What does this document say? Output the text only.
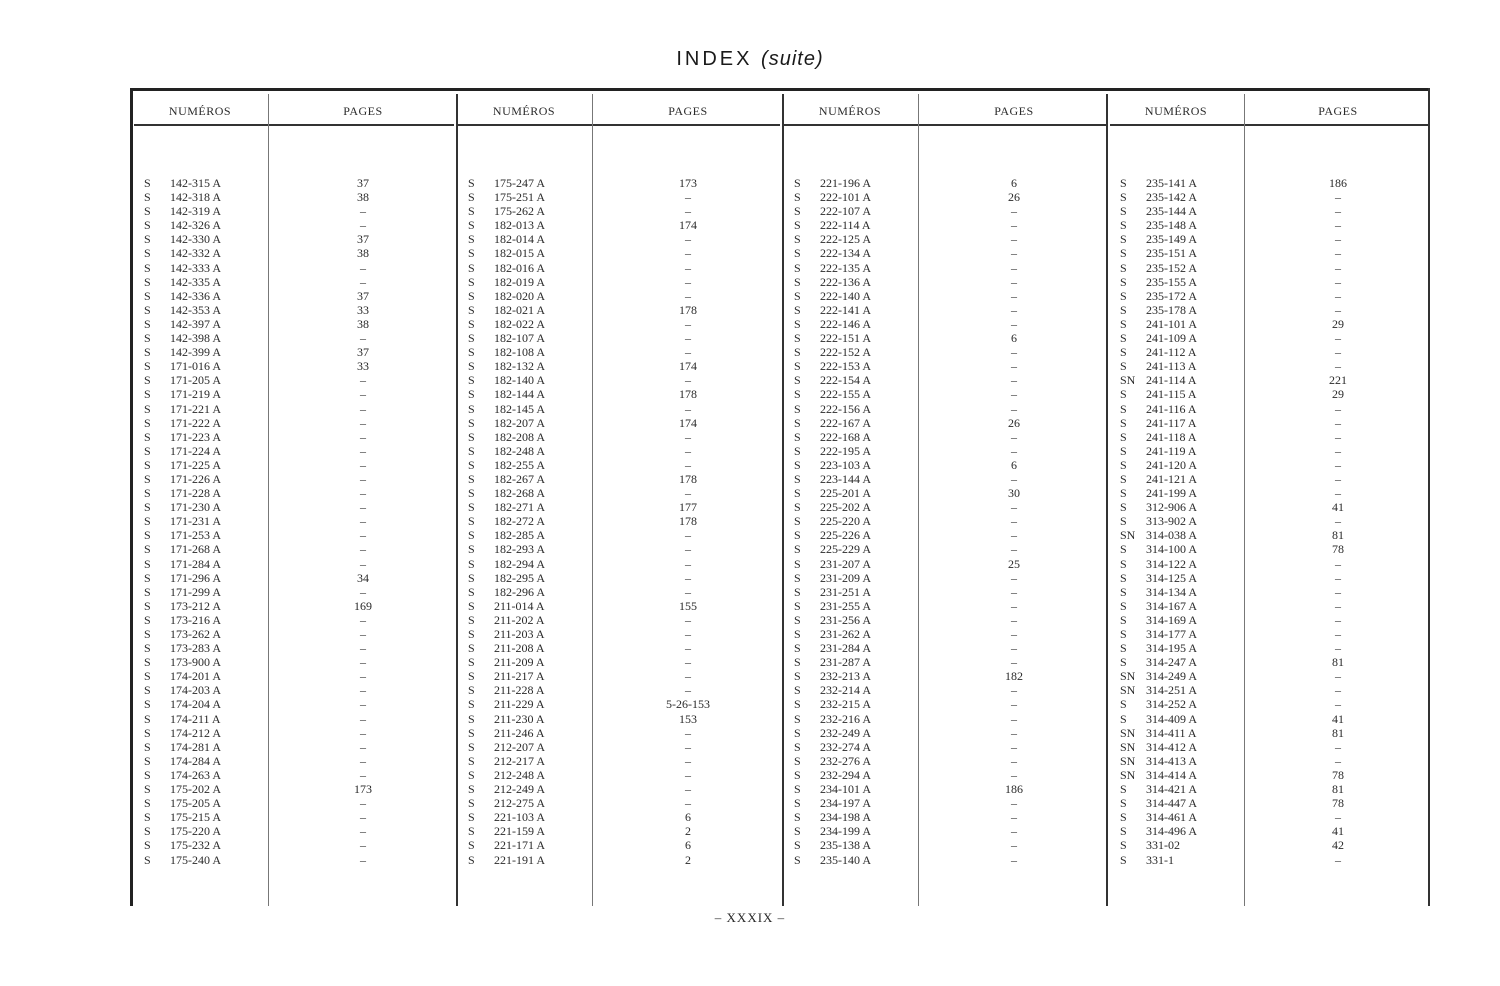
INDEX (suite)
NUMÉROS	PAGES
S 142-315 A	37
S 142-318 A	38
S 142-319 A	–
S 142-326 A	–
S 142-330 A	37
S 142-332 A	38
S 142-333 A	–
S 142-335 A	–
S 142-336 A	37
S 142-353 A	33
S 142-397 A	38
S 142-398 A	–
S 142-399 A	37
S 171-016 A	33
S 171-205 A	–
S 171-219 A	–
S 171-221 A	–
S 171-222 A	–
S 171-223 A	–
S 171-224 A	–
S 171-225 A	–
S 171-226 A	–
S 171-228 A	–
S 171-230 A	–
S 171-231 A	–
S 171-253 A	–
S 171-268 A	–
S 171-284 A	–
S 171-296 A	34
S 171-299 A	–
S 173-212 A	169
S 173-216 A	–
S 173-262 A	–
S 173-283 A	–
S 173-900 A	–
S 174-201 A	–
S 174-203 A	–
S 174-204 A	–
S 174-211 A	–
S 174-212 A	–
S 174-281 A	–
S 174-284 A	–
S 174-263 A	–
S 175-202 A	173
S 175-205 A	–
S 175-215 A	–
S 175-220 A	–
S 175-232 A	–
S 175-240 A	–
NUMÉROS	PAGES
S 175-247 A	173
S 175-251 A	–
S 175-262 A	–
S 182-013 A	174
S 182-014 A	–
S 182-015 A	–
S 182-016 A	–
S 182-019 A	–
S 182-020 A	–
S 182-021 A	178
S 182-022 A	–
S 182-107 A	–
S 182-108 A	–
S 182-132 A	174
S 182-140 A	–
S 182-144 A	178
S 182-145 A	–
S 182-207 A	174
S 182-208 A	–
S 182-248 A	–
S 182-255 A	–
S 182-267 A	178
S 182-268 A	–
S 182-271 A	177
S 182-272 A	178
S 182-285 A	–
S 182-293 A	–
S 182-294 A	–
S 182-295 A	–
S 182-296 A	–
S 211-014 A	155
S 211-202 A	–
S 211-203 A	–
S 211-208 A	–
S 211-209 A	–
S 211-217 A	–
S 211-228 A	–
S 211-229 A	5-26-153
S 211-230 A	153
S 211-246 A	–
S 212-207 A	–
S 212-217 A	–
S 212-248 A	–
S 212-249 A	–
S 212-275 A	–
S 221-103 A	6
S 221-159 A	2
S 221-171 A	6
S 221-191 A	2
NUMÉROS	PAGES
S 221-196 A	6
S 222-101 A	26
S 222-107 A	–
S 222-114 A	–
S 222-125 A	–
S 222-134 A	–
S 222-135 A	–
S 222-136 A	–
S 222-140 A	–
S 222-141 A	–
S 222-146 A	–
S 222-151 A	6
S 222-152 A	–
S 222-153 A	–
S 222-154 A	–
S 222-155 A	–
S 222-156 A	–
S 222-167 A	26
S 222-168 A	–
S 222-195 A	–
S 223-103 A	6
S 223-144 A	–
S 225-201 A	30
S 225-202 A	–
S 225-220 A	–
S 225-226 A	–
S 225-229 A	–
S 231-207 A	25
S 231-209 A	–
S 231-251 A	–
S 231-255 A	–
S 231-256 A	–
S 231-262 A	–
S 231-284 A	–
S 231-287 A	–
S 232-213 A	182
S 232-214 A	–
S 232-215 A	–
S 232-216 A	–
S 232-249 A	–
S 232-274 A	–
S 232-276 A	–
S 232-294 A	–
S 234-101 A	186
S 234-197 A	–
S 234-198 A	–
S 234-199 A	–
S 235-138 A	–
S 235-140 A	–
NUMÉROS	PAGES
S 235-141 A	186
S 235-142 A	–
S 235-144 A	–
S 235-148 A	–
S 235-149 A	–
S 235-151 A	–
S 235-152 A	–
S 235-155 A	–
S 235-172 A	–
S 235-178 A	–
S 241-101 A	29
S 241-109 A	–
S 241-112 A	–
S 241-113 A	–
SN 241-114 A	221
S 241-115 A	29
S 241-116 A	–
S 241-117 A	–
S 241-118 A	–
S 241-119 A	–
S 241-120 A	–
S 241-121 A	–
S 241-199 A	–
S 312-906 A	41
S 313-902 A	–
SN 314-038 A	81
S 314-100 A	78
S 314-122 A	–
S 314-125 A	–
S 314-134 A	–
S 314-167 A	–
S 314-169 A	–
S 314-177 A	–
S 314-195 A	–
S 314-247 A	81
SN 314-249 A	–
SN 314-251 A	–
S 314-252 A	–
S 314-409 A	41
SN 314-411 A	81
SN 314-412 A	–
SN 314-413 A	–
SN 314-414 A	78
S 314-421 A	81
S 314-447 A	78
S 314-461 A	–
S 314-496 A	41
S 331-02	42
S 331-1	–
– XXXIX –
